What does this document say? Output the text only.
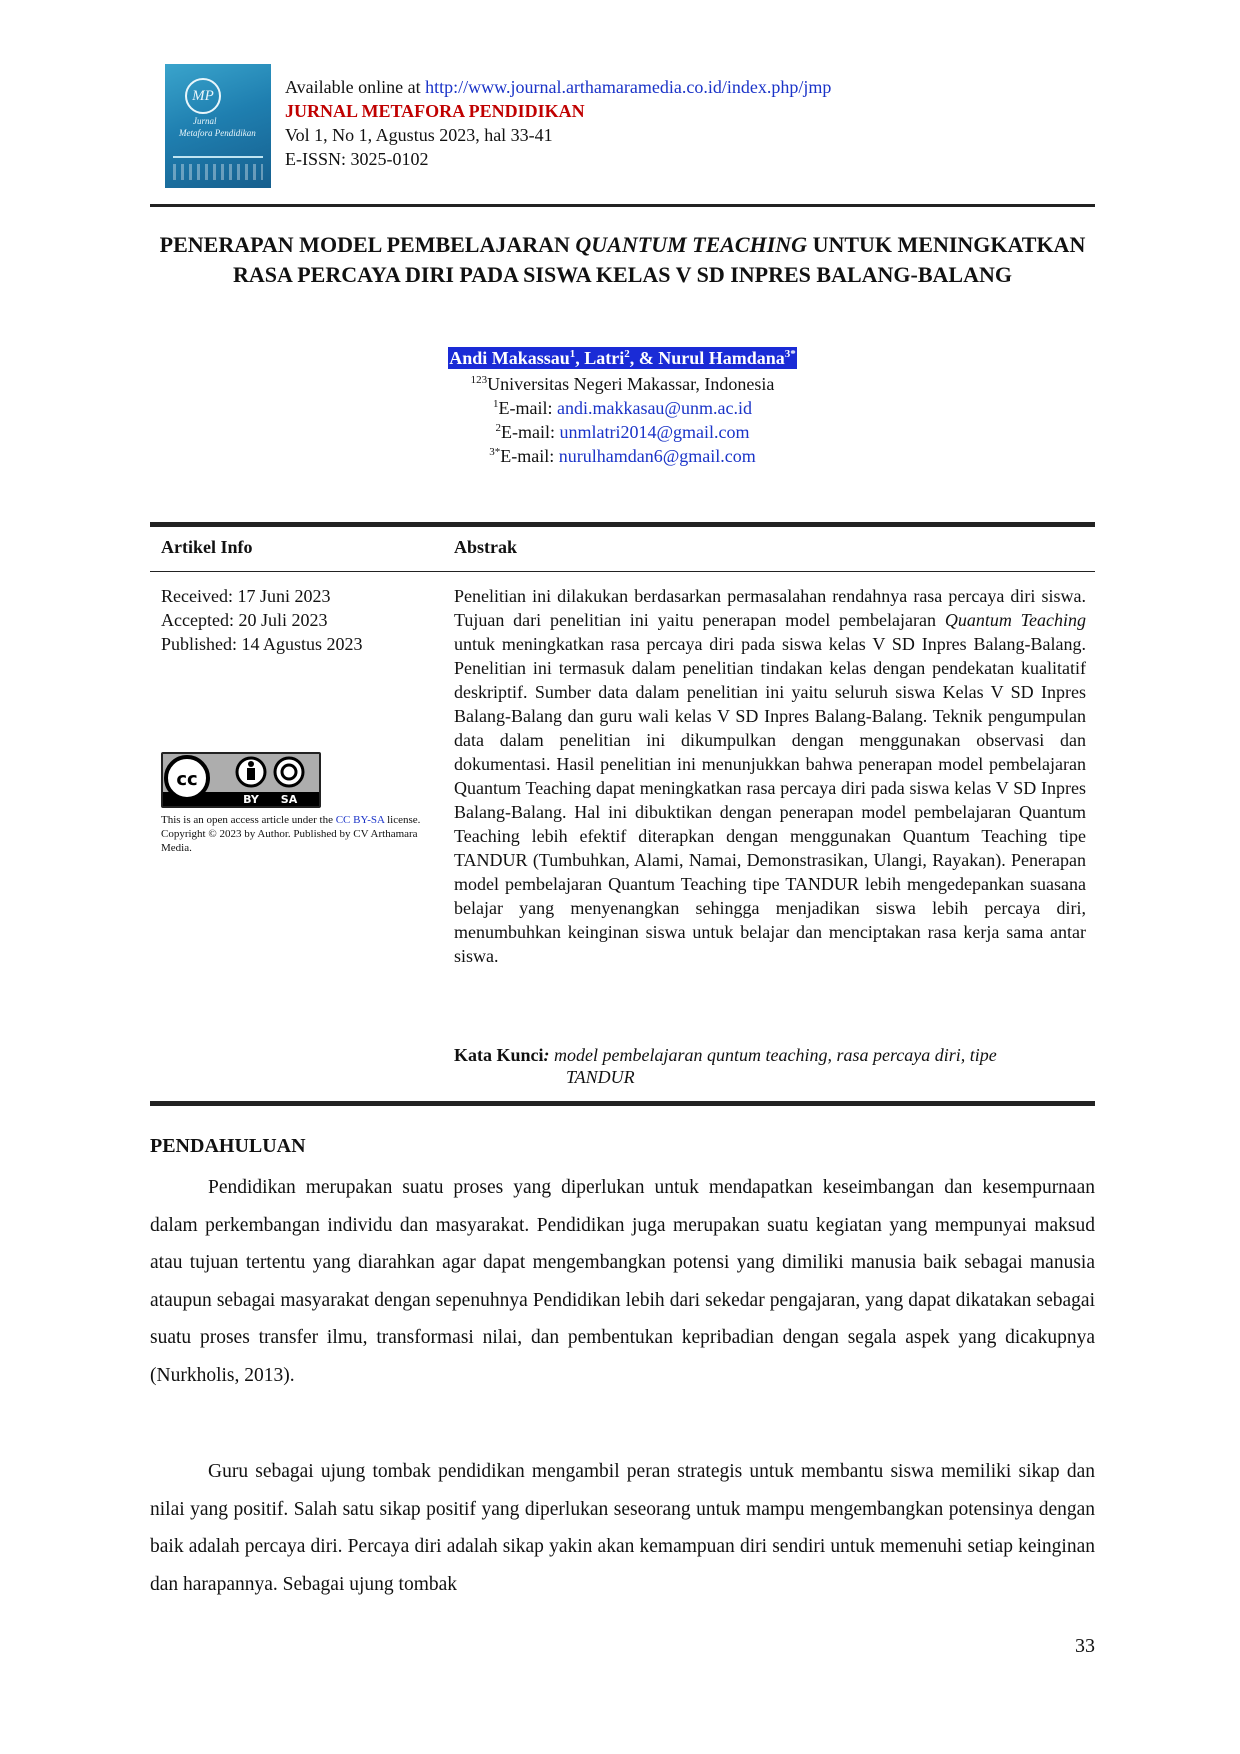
MP
Jurnal
Metafora Pendidikan
Available online at http://www.journal.arthamaramedia.co.id/index.php/jmp
JURNAL METAFORA PENDIDIKAN
Vol 1, No 1, Agustus 2023, hal 33-41
E-ISSN: 3025-0102
PENERAPAN MODEL PEMBELAJARAN QUANTUM TEACHING UNTUK MENINGKATKAN RASA PERCAYA DIRI PADA SISWA KELAS V SD INPRES BALANG-BALANG
Andi Makassau$^1$, Latri$^2$, & Nurul Hamdana$^{3*}$
$^{123}$Universitas Negeri Makassar, Indonesia
$^1$E-mail: andi.makkasau@unm.ac.id
$^2$E-mail: unmlatri2014@gmail.com
$^{3*}$E-mail: nurulhamdan6@gmail.com
Artikel Info	Abstrak
Received: 17 Juni 2023
Accepted: 20 Juli 2023
Published: 14 Agustus 2023
cc
BY SA
This is an open access article under the CC BY-SA license. Copyright © 2023 by Author. Published by CV Arthamara Media.
Penelitian ini dilakukan berdasarkan permasalahan rendahnya rasa percaya diri siswa. Tujuan dari penelitian ini yaitu penerapan model pembelajaran Quantum Teaching untuk meningkatkan rasa percaya diri pada siswa kelas V SD Inpres Balang-Balang. Penelitian ini termasuk dalam penelitian tindakan kelas dengan pendekatan kualitatif deskriptif. Sumber data dalam penelitian ini yaitu seluruh siswa Kelas V SD Inpres Balang-Balang dan guru wali kelas V SD Inpres Balang-Balang. Teknik pengumpulan data dalam penelitian ini dikumpulkan dengan menggunakan observasi dan dokumentasi. Hasil penelitian ini menunjukkan bahwa penerapan model pembelajaran Quantum Teaching dapat meningkatkan rasa percaya diri pada siswa kelas V SD Inpres Balang-Balang. Hal ini dibuktikan dengan penerapan model pembelajaran Quantum Teaching lebih efektif diterapkan dengan menggunakan Quantum Teaching tipe TANDUR (Tumbuhkan, Alami, Namai, Demonstrasikan, Ulangi, Rayakan). Penerapan model pembelajaran Quantum Teaching tipe TANDUR lebih mengedepankan suasana belajar yang menyenangkan sehingga menjadikan siswa lebih percaya diri, menumbuhkan keinginan siswa untuk belajar dan menciptakan rasa kerja sama antar siswa.
Kata Kunci: model pembelajaran quntum teaching, rasa percaya diri, tipe
TANDUR
PENDAHULUAN
Pendidikan merupakan suatu proses yang diperlukan untuk mendapatkan keseimbangan dan kesempurnaan dalam perkembangan individu dan masyarakat. Pendidikan juga merupakan suatu kegiatan yang mempunyai maksud atau tujuan tertentu yang diarahkan agar dapat mengembangkan potensi yang dimiliki manusia baik sebagai manusia ataupun sebagai masyarakat dengan sepenuhnya Pendidikan lebih dari sekedar pengajaran, yang dapat dikatakan sebagai suatu proses transfer ilmu, transformasi nilai, dan pembentukan kepribadian dengan segala aspek yang dicakupnya (Nurkholis, 2013).
Guru sebagai ujung tombak pendidikan mengambil peran strategis untuk membantu siswa memiliki sikap dan nilai yang positif. Salah satu sikap positif yang diperlukan seseorang untuk mampu mengembangkan potensinya dengan baik adalah percaya diri. Percaya diri adalah sikap yakin akan kemampuan diri sendiri untuk memenuhi setiap keinginan dan harapannya. Sebagai ujung tombak
33
